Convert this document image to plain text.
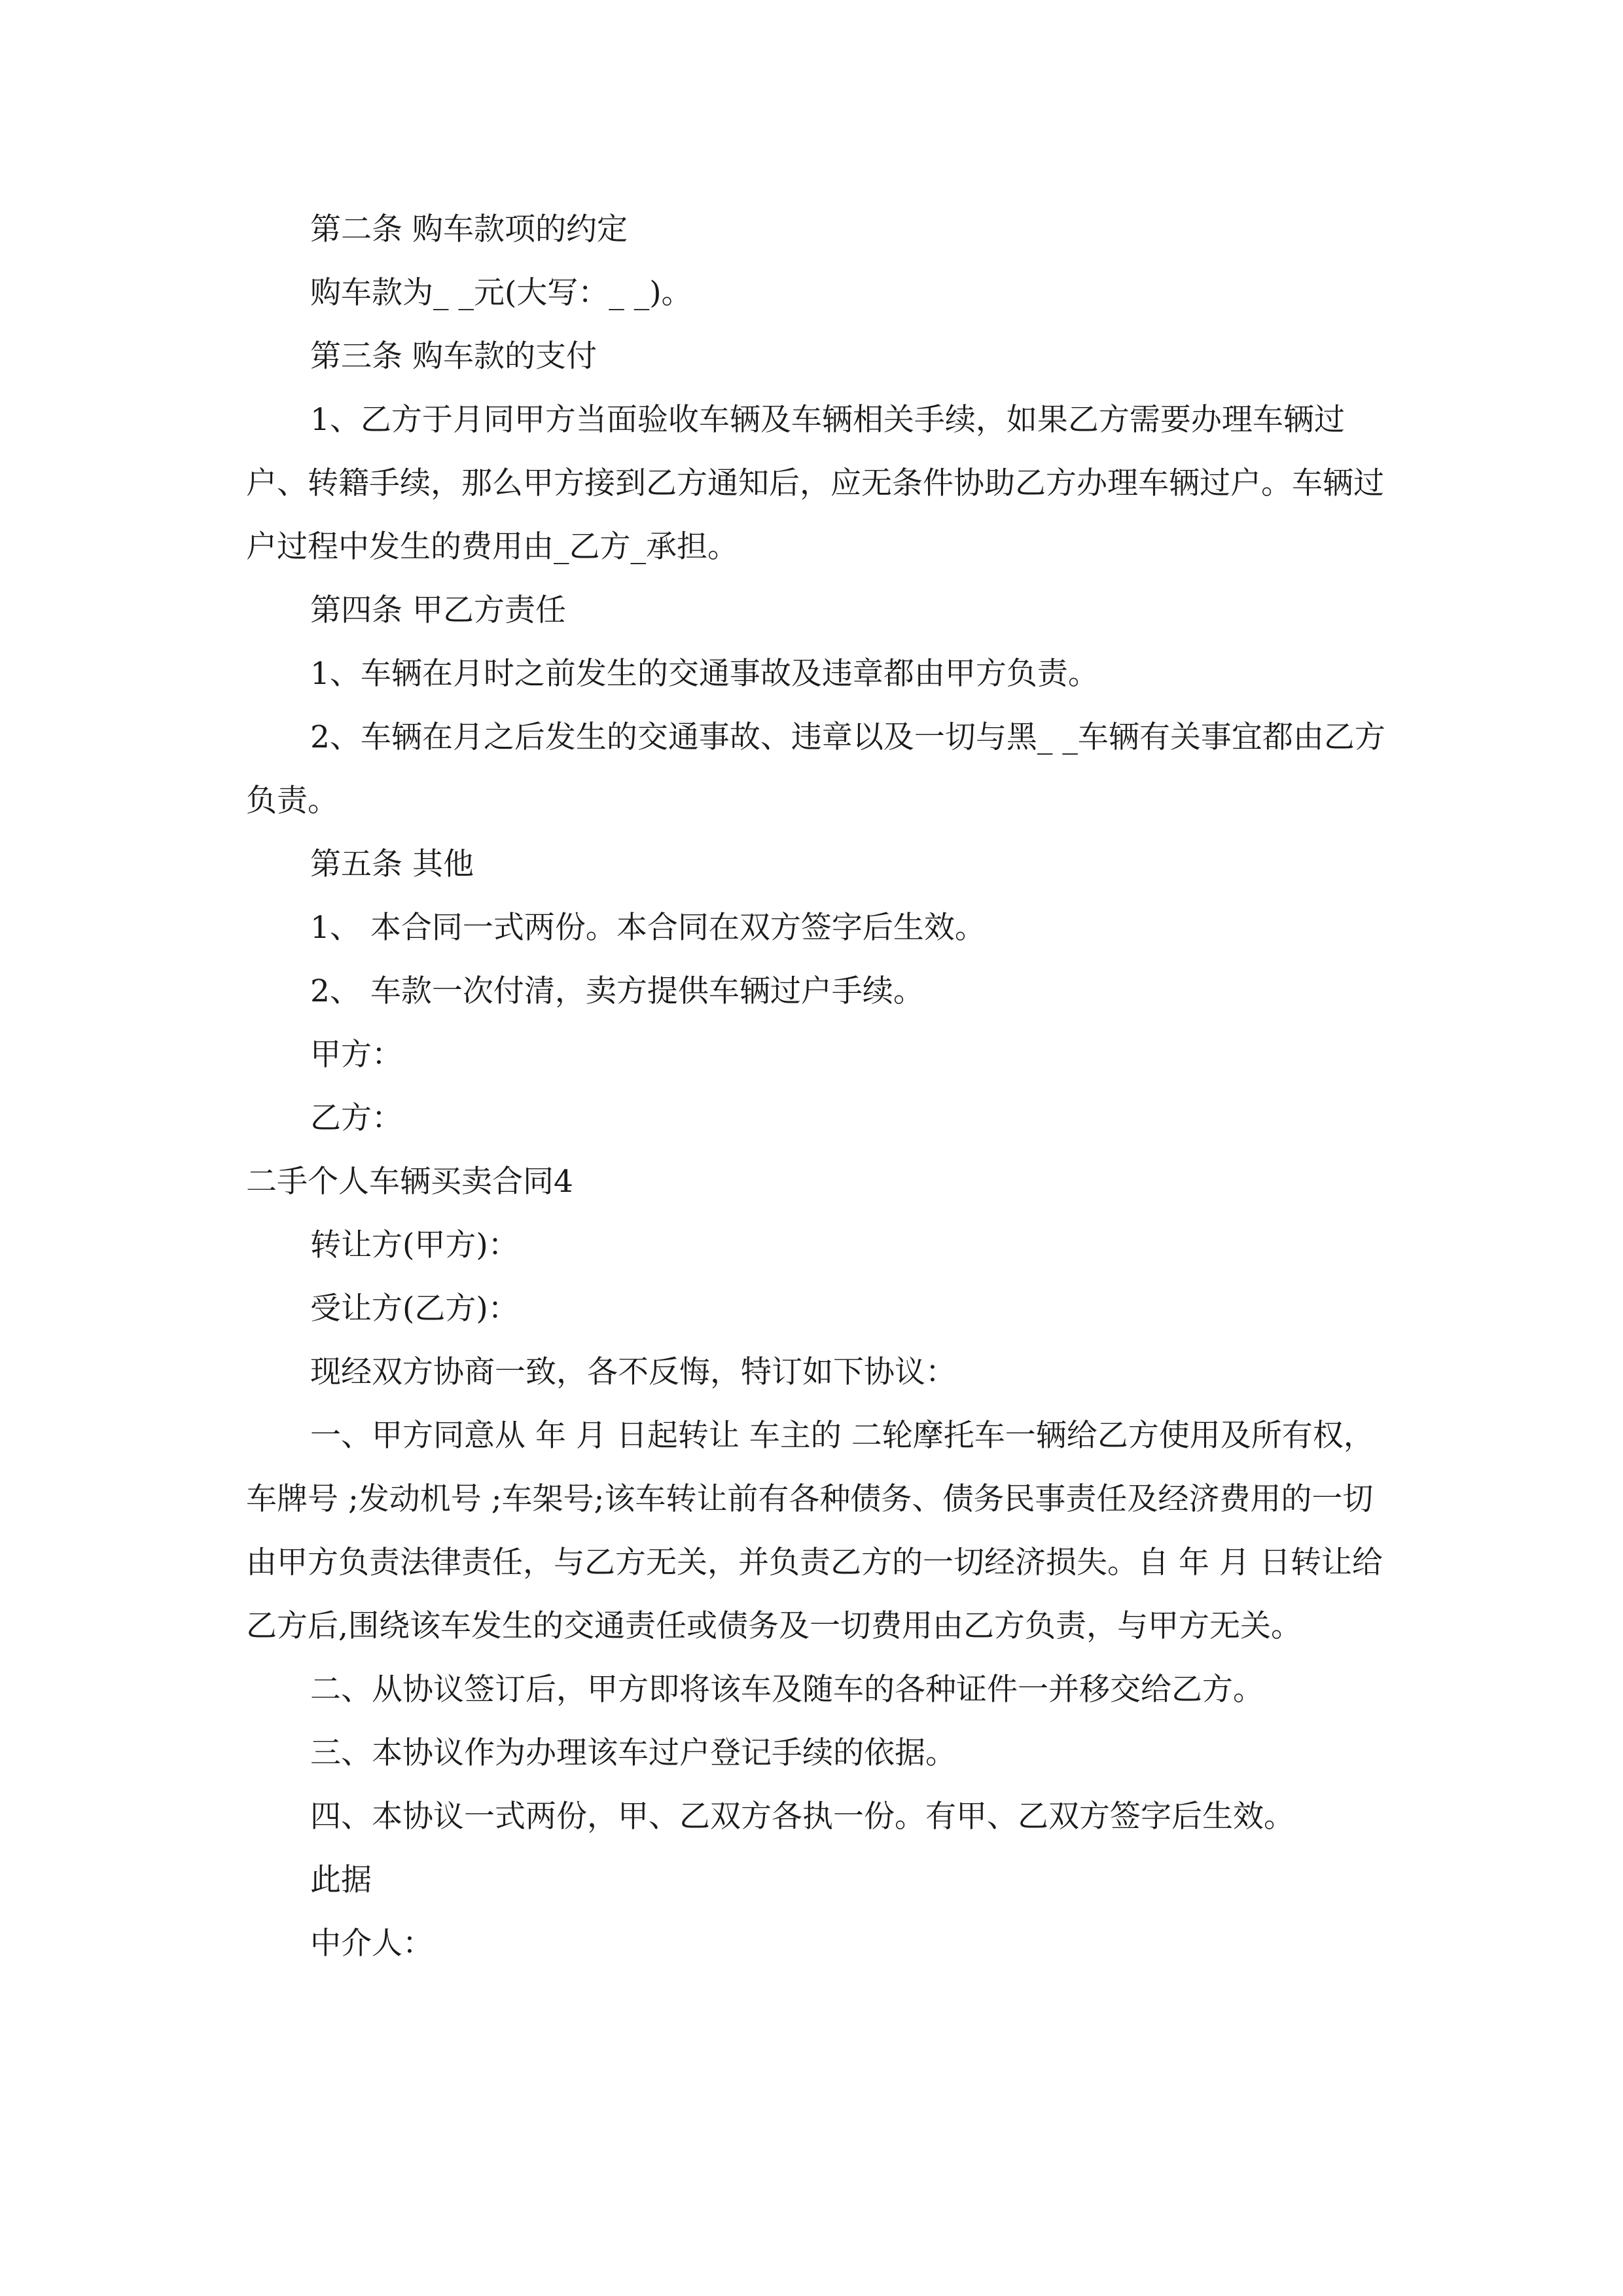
第二条 购车款项的约定

购车款为_ _元(大写：_ _)。

第三条 购车款的支付

1、乙方于月同甲方当面验收车辆及车辆相关手续，如果乙方需要办理车辆过户、转籍手续，那么甲方接到乙方通知后，应无条件协助乙方办理车辆过户。车辆过户过程中发生的费用由_乙方_承担。

第四条 甲乙方责任

1、车辆在月时之前发生的交通事故及违章都由甲方负责。

2、车辆在月之后发生的交通事故、违章以及一切与黑_ _车辆有关事宜都由乙方负责。

第五条 其他

1、 本合同一式两份。本合同在双方签字后生效。

2、 车款一次付清，卖方提供车辆过户手续。

甲方：

乙方：

二手个人车辆买卖合同4

转让方(甲方)：

受让方(乙方)：

现经双方协商一致，各不反悔，特订如下协议：

一、甲方同意从 年 月 日起转让 车主的 二轮摩托车一辆给乙方使用及所有权，车牌号 ;发动机号 ;车架号;该车转让前有各种债务、债务民事责任及经济费用的一切由甲方负责法律责任，与乙方无关，并负责乙方的一切经济损失。自 年 月 日转让给乙方后,围绕该车发生的交通责任或债务及一切费用由乙方负责，与甲方无关。

二、从协议签订后，甲方即将该车及随车的各种证件一并移交给乙方。

三、本协议作为办理该车过户登记手续的依据。

四、本协议一式两份，甲、乙双方各执一份。有甲、乙双方签字后生效。

此据

中介人：
